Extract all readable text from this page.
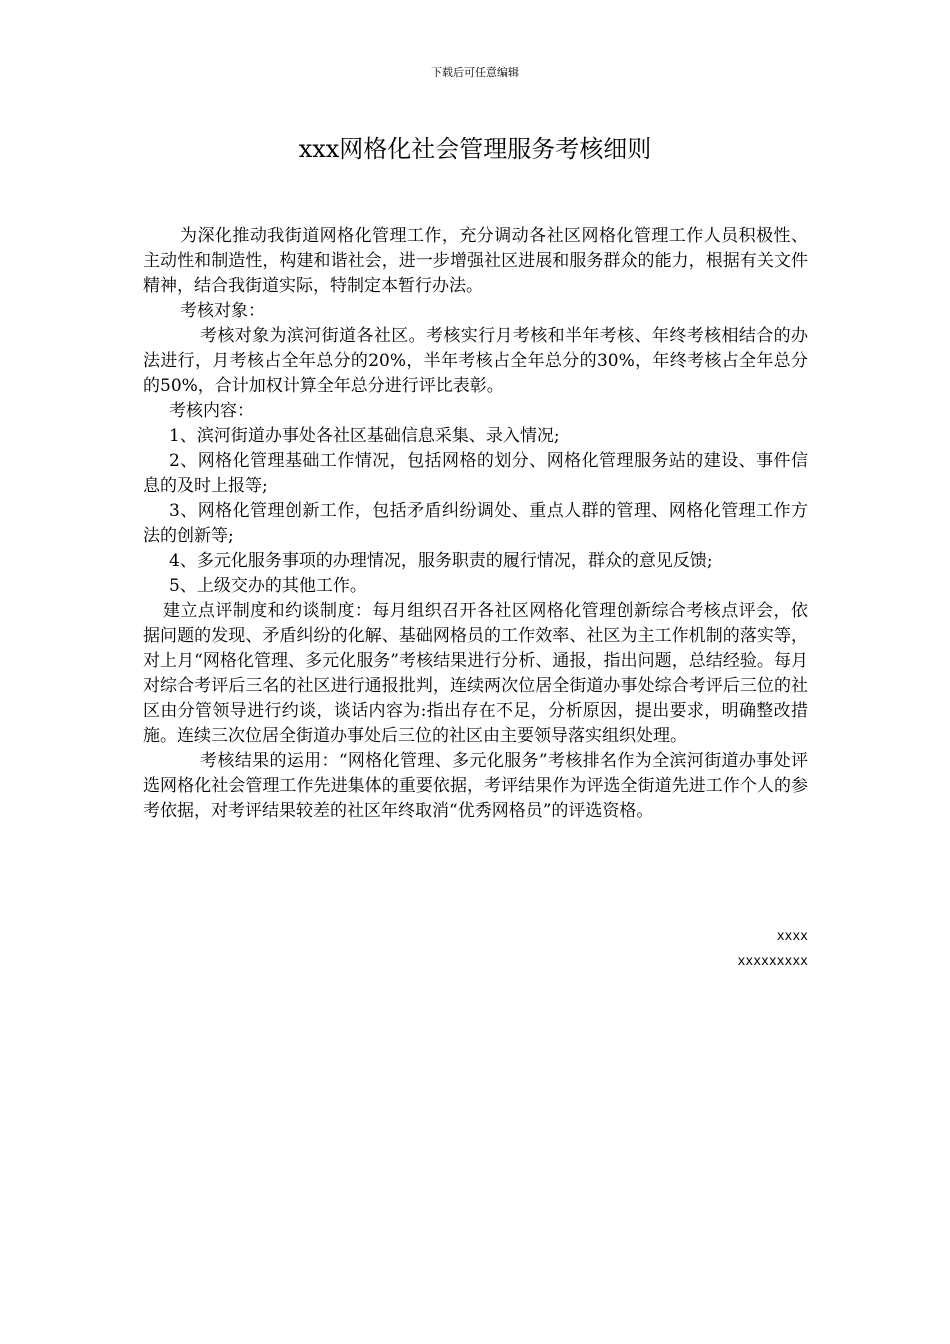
下载后可任意编辑
xxx网格化社会管理服务考核细则

为深化推动我街道网格化管理工作，充分调动各社区网格化管理工作人员积极性、主动性和制造性，构建和谐社会，进一步增强社区进展和服务群众的能力，根据有关文件精神，结合我街道实际，特制定本暂行办法。

考核对象：

考核对象为滨河街道各社区。考核实行月考核和半年考核、年终考核相结合的办法进行，月考核占全年总分的20%，半年考核占全年总分的30%，年终考核占全年总分的50%，合计加权计算全年总分进行评比表彰。

考核内容：

1、滨河街道办事处各社区基础信息采集、录入情况;

2、网格化管理基础工作情况，包括网格的划分、网格化管理服务站的建设、事件信息的及时上报等;

3、网格化管理创新工作，包括矛盾纠纷调处、重点人群的管理、网格化管理工作方法的创新等;

4、多元化服务事项的办理情况，服务职责的履行情况，群众的意见反馈;

5、上级交办的其他工作。

建立点评制度和约谈制度：每月组织召开各社区网格化管理创新综合考核点评会，依据问题的发现、矛盾纠纷的化解、基础网格员的工作效率、社区为主工作机制的落实等，对上月“网格化管理、多元化服务”考核结果进行分析、通报，指出问题，总结经验。每月对综合考评后三名的社区进行通报批判，连续两次位居全街道办事处综合考评后三位的社区由分管领导进行约谈，谈话内容为:指出存在不足，分析原因，提出要求，明确整改措施。连续三次位居全街道办事处后三位的社区由主要领导落实组织处理。

考核结果的运用：“网格化管理、多元化服务”考核排名作为全滨河街道办事处评选网格化社会管理工作先进集体的重要依据，考评结果作为评选全街道先进工作个人的参考依据，对考评结果较差的社区年终取消“优秀网格员”的评选资格。

xxxx
xxxxxxxxx
